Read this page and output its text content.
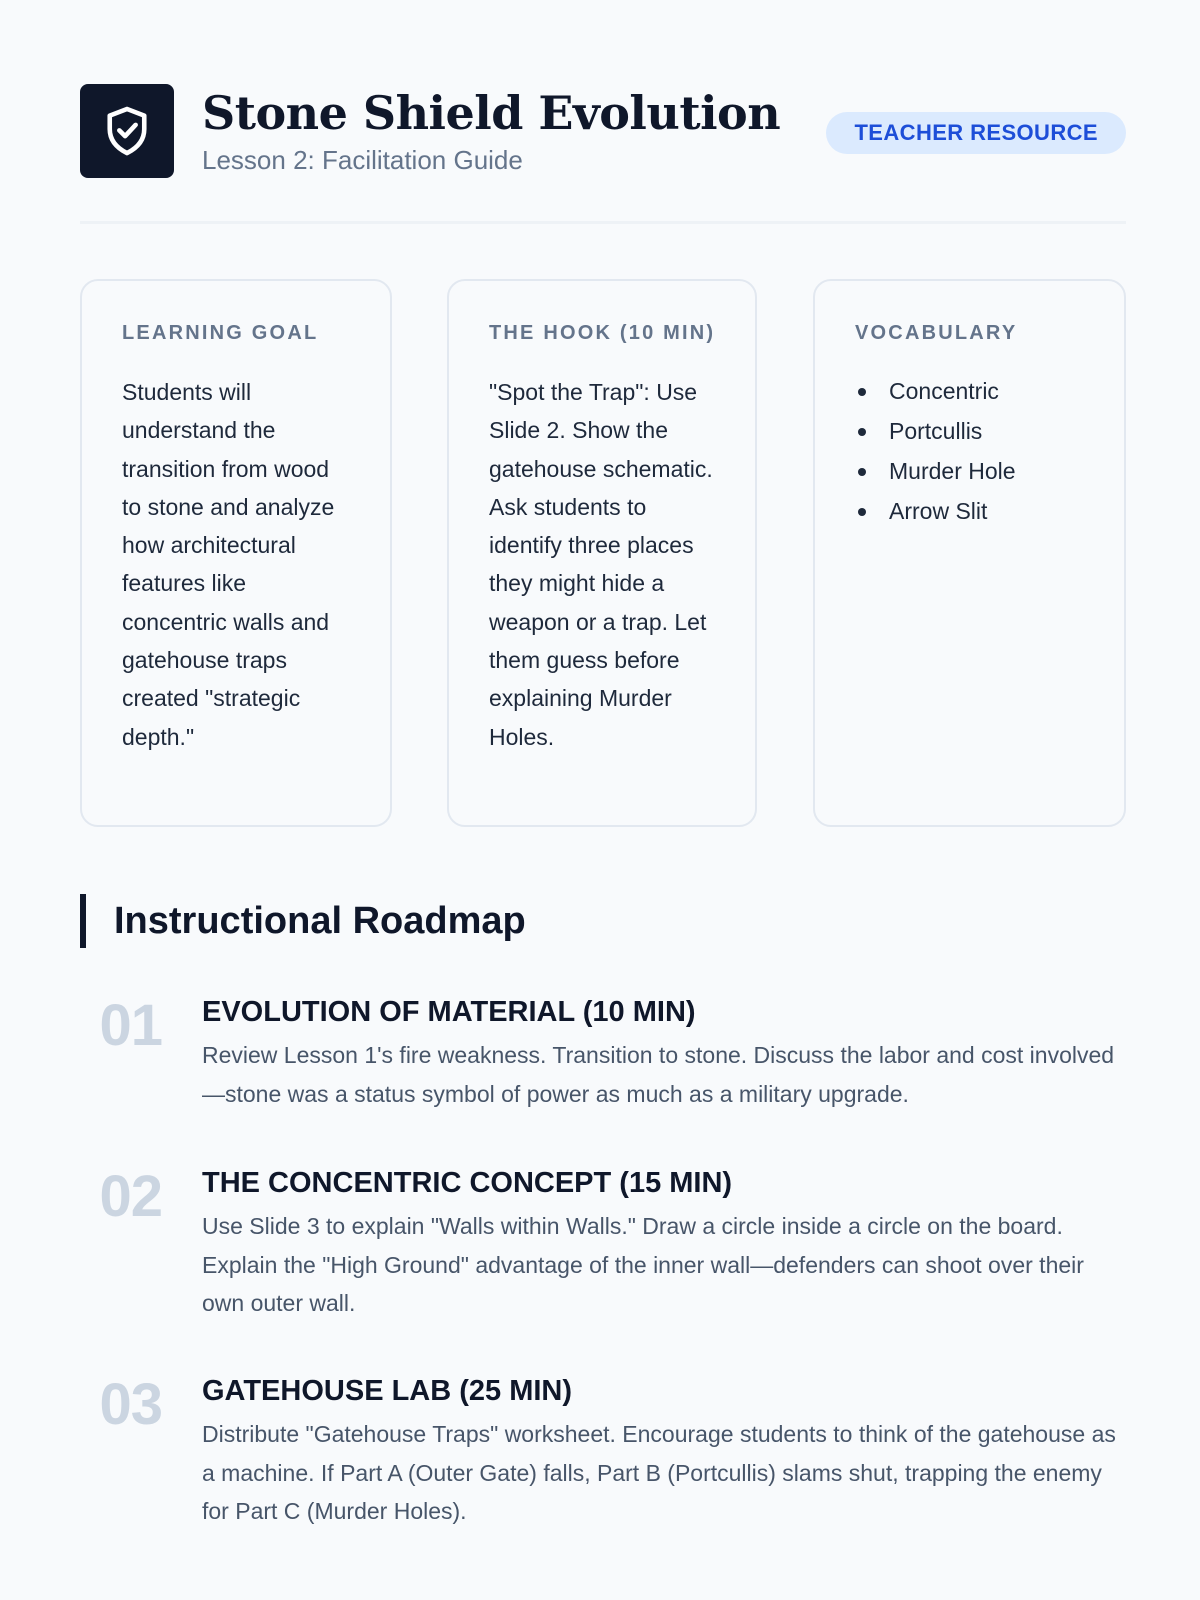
Stone Shield Evolution
Lesson 2: Facilitation Guide
TEACHER RESOURCE
LEARNING GOAL
Students will understand the transition from wood to stone and analyze how architectural features like concentric walls and gatehouse traps created "strategic depth."
THE HOOK (10 MIN)
"Spot the Trap": Use Slide 2. Show the gatehouse schematic. Ask students to identify three places they might hide a weapon or a trap. Let them guess before explaining Murder Holes.
VOCABULARY
Concentric
Portcullis
Murder Hole
Arrow Slit
Instructional Roadmap
01 EVOLUTION OF MATERIAL (10 MIN)
Review Lesson 1's fire weakness. Transition to stone. Discuss the labor and cost involved—stone was a status symbol of power as much as a military upgrade.
02 THE CONCENTRIC CONCEPT (15 MIN)
Use Slide 3 to explain "Walls within Walls." Draw a circle inside a circle on the board. Explain the "High Ground" advantage of the inner wall—defenders can shoot over their own outer wall.
03 GATEHOUSE LAB (25 MIN)
Distribute "Gatehouse Traps" worksheet. Encourage students to think of the gatehouse as a machine. If Part A (Outer Gate) falls, Part B (Portcullis) slams shut, trapping the enemy for Part C (Murder Holes).
